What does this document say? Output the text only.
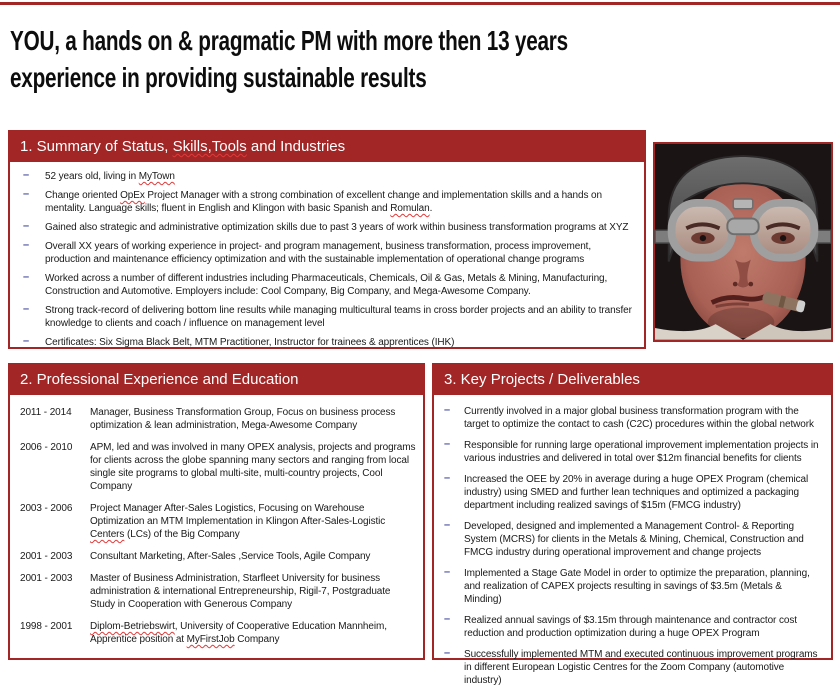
YOU, a hands on & pragmatic PM with more then 13 years
experience in providing sustainable results
1. Summary of Status, Skills,Tools and Industries
– 52 years old, living in MyTown
– Change oriented OpEx Project Manager with a strong combination of excellent change and implementation skills and a hands on mentality. Language skills; fluent in English and Klingon with basic Spanish and Romulan.
– Gained also strategic and administrative optimization skills due to past 3 years of work within business transformation programs at XYZ
– Overall XX years of working experience in project- and program management, business transformation, process improvement, production and maintenance efficiency optimization and with the sustainable implementation of operational change programs
– Worked across a number of different industries including Pharmaceuticals, Chemicals, Oil & Gas, Metals & Mining, Manufacturing, Construction and Automotive. Employers include: Cool Company, Big Company, and Mega-Awesome Company.
– Strong track-record of delivering bottom line results while managing multicultural teams in cross border projects and an ability to transfer knowledge to clients and coach / influence on management level
– Certificates: Six Sigma Black Belt, MTM Practitioner, Instructor for trainees & apprentices (IHK)
2. Professional Experience and Education
2011 - 2014	Manager, Business Transformation Group, Focus on business process optimization & lean administration, Mega-Awesome Company
2006 - 2010	APM, led and was involved in many OPEX analysis, projects and programs for clients across the globe spanning many sectors and ranging from local single site programs to global multi-site, multi-country projects, Cool Company
2003 - 2006	Project Manager After-Sales Logistics, Focusing on Warehouse Optimization an MTM Implementation in Klingon After-Sales-Logistic Centers (LCs) of the Big Company
2001 - 2003	Consultant Marketing, After-Sales ,Service Tools, Agile Company
2001 - 2003	Master of Business Administration, Starfleet University for business administration & international Entrepreneurship, Rigil-7, Postgraduate Study in Cooperation with Generous Company
1998 - 2001	Diplom-Betriebswirt, University of Cooperative Education Mannheim, Apprentice position at MyFirstJob Company
3. Key Projects / Deliverables
– Currently involved in a major global business transformation program with the target to optimize the contact to cash (C2C) procedures within the global network
– Responsible for running large operational improvement implementation projects in various industries and delivered in total over $12m financial benefits for clients
– Increased the OEE by 20% in average during a huge OPEX Program (chemical industry) using SMED and further lean techniques and optimized a packaging department including realized savings of $15m (FMCG industry)
– Developed, designed and implemented a Management Control- & Reporting System (MCRS) for clients in the Metals & Mining, Chemical, Construction and FMCG industry during operational improvement and change projects
– Implemented a Stage Gate Model in order to optimize the preparation, planning, and realization of CAPEX projects resulting in savings of $3.5m (Metals & Minding)
– Realized annual savings of $3.15m through maintenance and contractor cost reduction and production optimization during a huge OPEX Program
– Successfully implemented MTM and executed continuous improvement programs in different European Logistic Centres for the Zoom Company (automotive industry)
